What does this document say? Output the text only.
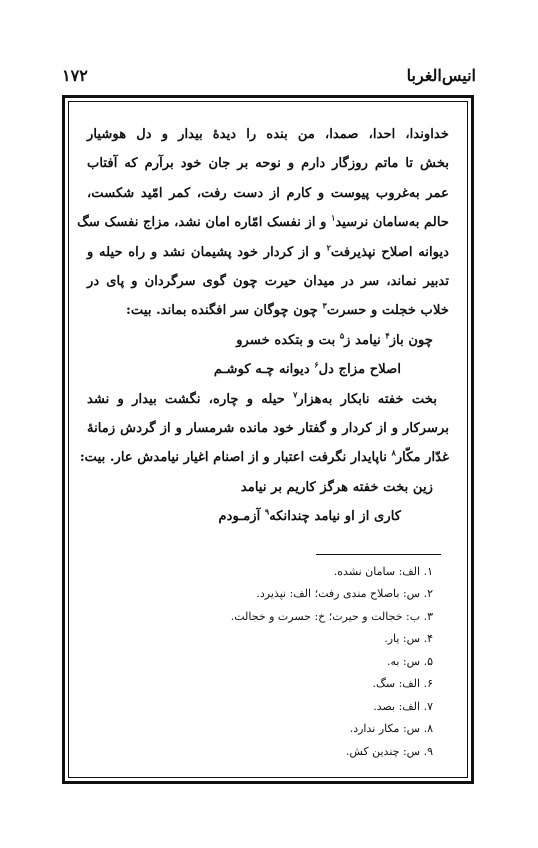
انیس‌الغربا
۱۷۲
خداوندا، احدا، صمدا، من بنده را دیدهٔ بیدار و دل هوشیار
بخش تا ماتم روزگار دارم و نوحه بر جان خود برآرم که آفتاب
عمر به‌غروب پیوست و کارم از دست رفت، کمر امّید شکست،
حالم به‌سامان نرسید$^۱$ و از نفسک امّاره امان نشد، مزاج نفسک سگ
دیوانه اصلاح نپذیرفت$^۲$ و از کردار خود پشیمان نشد و راه حیله و
تدبیر نماند، سر در میدان حیرت چون گوی سرگردان و پای در
خلاب خجلت و حسرت$^۳$ چون چوگان سر افگنده بماند. بیت:
چون باز$^۴$ نیامد ز$^۵$ بت و بتکده خسرو
اصلاح مزاج دل$^۶$ دیوانه چـه کوشـم
بخت خفته نابکار به‌هزار$^۷$ حیله و چاره، نگشت بیدار و نشد
برسرکار و از کردار و گفتار خود مانده شرمسار و از گردش زمانهٔ
غدّار مکّار$^۸$ ناپایدار نگرفت اعتبار و از اصنام اغیار نیامدش عار. بیت:
زین بخت خفته هرگز کاریم بر نیامد
کاری از او نیامد چندانکه$^۹$ آزمـودم
۱. الف: سامان نشده.
۲. س: باصلاح مندی رفت؛ الف: نپذیرد.
۳. ب: خجالت و حیرت؛ خ: حسرت و خجالت.
۴. س: یار.
۵. س: به.
۶. الف: سگ.
۷. الف: بصد.
۸. س: مکار ندارد.
۹. س: چندین کش.
